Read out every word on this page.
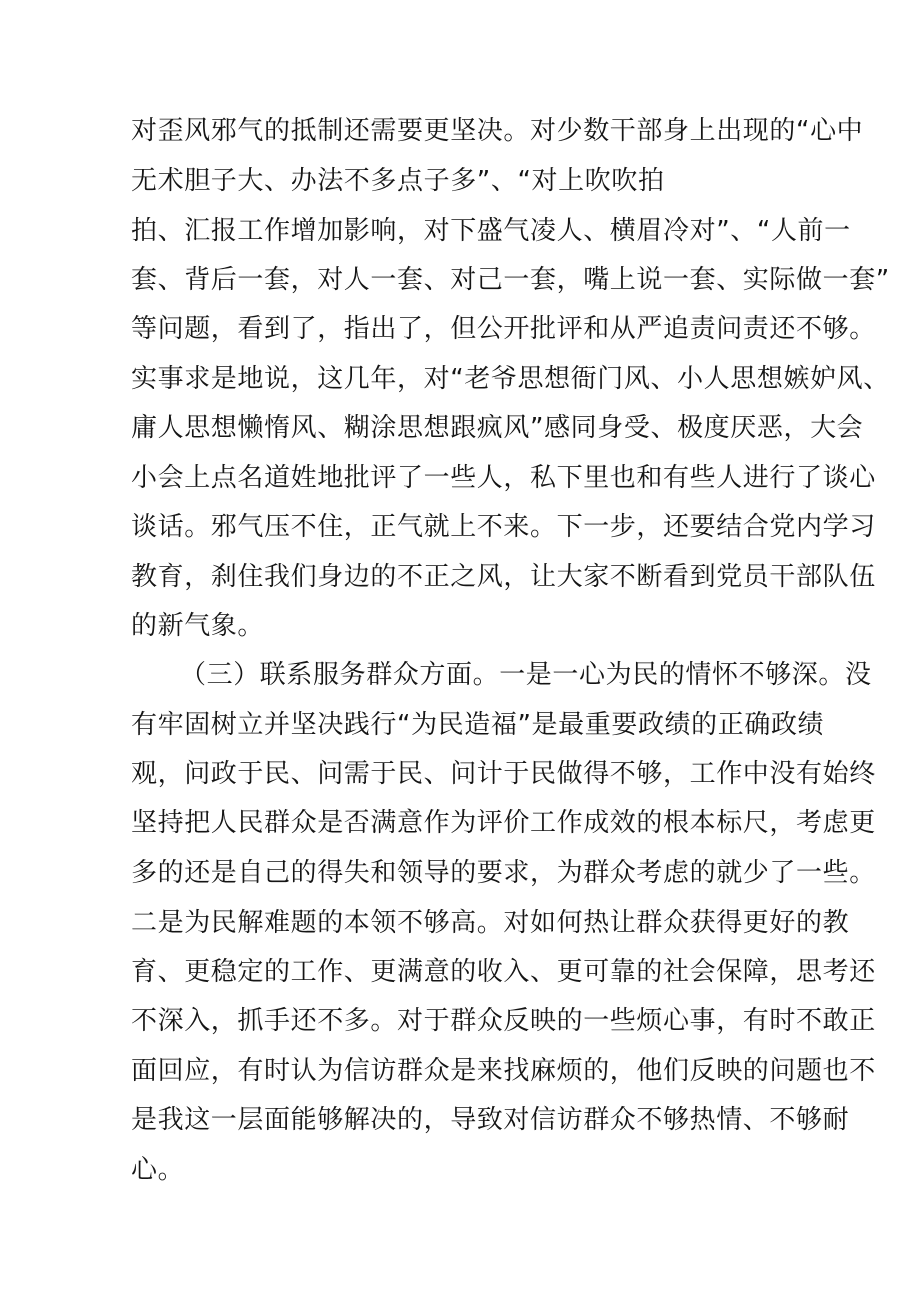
对歪风邪气的抵制还需要更坚决。对少数干部身上出现的“心中
无术胆子大、办法不多点子多”、“对上吹吹拍
拍、汇报工作增加影响，对下盛气凌人、横眉冷对”、“人前一
套、背后一套，对人一套、对己一套，嘴上说一套、实际做一套”
等问题，看到了，指出了，但公开批评和从严追责问责还不够。
实事求是地说，这几年，对“老爷思想衙门风、小人思想嫉妒风、
庸人思想懒惰风、糊涂思想跟疯风”感同身受、极度厌恶，大会
小会上点名道姓地批评了一些人，私下里也和有些人进行了谈心
谈话。邪气压不住，正气就上不来。下一步，还要结合党内学习
教育，刹住我们身边的不正之风，让大家不断看到党员干部队伍
的新气象。
（三）联系服务群众方面。一是一心为民的情怀不够深。没
有牢固树立并坚决践行“为民造福”是最重要政绩的正确政绩
观，问政于民、问需于民、问计于民做得不够，工作中没有始终
坚持把人民群众是否满意作为评价工作成效的根本标尺，考虑更
多的还是自己的得失和领导的要求，为群众考虑的就少了一些。
二是为民解难题的本领不够高。对如何热让群众获得更好的教
育、更稳定的工作、更满意的收入、更可靠的社会保障，思考还
不深入，抓手还不多。对于群众反映的一些烦心事，有时不敢正
面回应，有时认为信访群众是来找麻烦的，他们反映的问题也不
是我这一层面能够解决的，导致对信访群众不够热情、不够耐
心。
